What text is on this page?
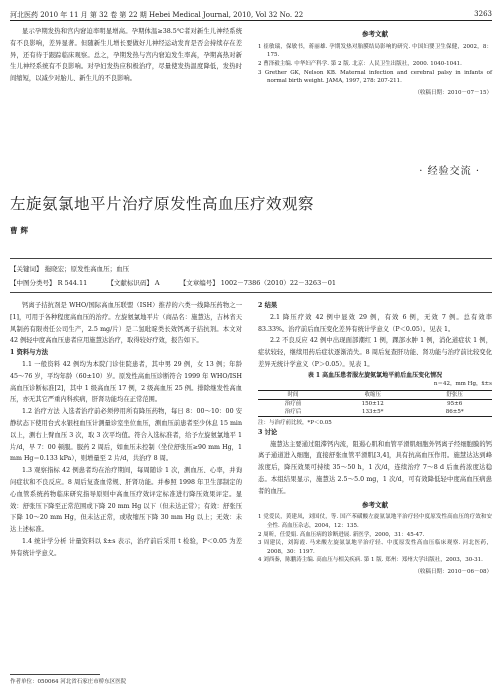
河北医药 2010 年 11 月 第 32 卷 第 22 期 Hebei Medical Journal, 2010, Vol 32 No. 22	3263

显示孕期发热和宫内窘迫率明显增高。孕期体温≥38.5℃者对新生儿神经系统有不良影响，差异显著。但随新生儿增长要做好儿神经运动发育是否会持续存在差异，还有待于跟踪临床观察。总之，孕期发热与宫内窘迫发生率高，孕期高热对新生儿神经系统有不良影响。对孕妇发热应积极治疗，尽量使发热温度降低，发热时间缩短，以减少对胎儿、新生儿的不良影响。

参考文献
1 崔敏瑞，保敏书，蒋丽雄. 孕期发热对胎膜结局影响的研究. 中国妇婴卫生保健，2002，8：175.
2 曹泽毅主编. 中华妇产科学. 第 2 版. 北京：人民卫生出版社，2000. 1040-1041.
3 Grether GK, Nelson KB. Maternal infection and cerebral palsy in infants of normal birth weight. JAMA, 1997, 278: 207-211.
（收稿日期：2010－07－15）
· 经验交流 ·
左旋氨氯地平片治疗原发性高血压疗效观察
曹辉
【关键词】 拖晓宏；原发性高血压；血压
【中图分类号】 R 544.11	【文献标识码】 A	【文章编号】 1002－7386（2010）22－3263－01

钙离子拮抗剂是 WHO/国际高血压联盟（ISH）推荐的六类一线降压药物之一[1]，可用于各种程度高血压的治疗。左旋氨氯地平片（商品名：施慧达，吉林省天风制药有限责任公司生产，2.5 mg/片）是二氢吡啶类长效钙离子拮抗剂。本文对 42 例轻中度高血压患者应用施慧达治疗，取得较好疗效，报告如下。

1 资料与方法

1.1 一般资料 42 例均为本院门诊住院患者，其中男 29 例，女 13 例；年龄 45～76 岁，平均年龄（60±10）岁。原发性高血压诊断符合 1999 年 WHO/ISH 高血压诊断标准[2]，其中 1 级高血压 17 例，2 级高血压 25 例。排除继发性高血压，亦无其它严重内科疾病，肝肾功能均在正常范围。

1.2 治疗方法 入选者治疗前必须停用所有降压药物，每日 8：00～10：00 安静状态下使用台式水银柱血压计测量诊室坐位血压，测血压前患者至少休息 15 min 以上，测右上臂血压 3 次，取 3 次平均值。符合入选标准者，给予左旋氨氯地平 1 片/d，早 7：00 顿服。服药 2 周后，如血压未控制（坐位舒张压≥90 mm Hg，1 mm Hg＝0.133 kPa），则增量至 2 片/d，共治疗 8 周。

1.3 观察指标 42 例患者均在治疗期间，每周随诊 1 次，测血压、心率，并询问症状和不良反应。8 周后复查血常规、肝肾功能。并参照 1998 年卫生部制定的心血管系统药物临床研究指导原则中高血压疗效评定标准进行降压效果评定。显效：舒张压下降至正常范围或下降 20 mm Hg 以下（但未达正常）；有效：舒张压下降 10～20 mm Hg，但未达正常，或收缩压下降 30 mm Hg 以上；无效：未达上述标准。

1.4 统计学分析 计量资料以 x̄±s 表示，治疗前后采用 t 检验，P＜0.05 为差异有统计学意义。

2 结果

2.1 降压疗效 42 例中显效 29 例，有效 6 例，无效 7 例。总有效率 83.33%。治疗前后血压变化差异有统计学意义（P＜0.05）。见表 1。

2.2 不良反应 42 例中出现面部潮红 1 例，踝部水肿 1 例，消化道症状 1 例，症状较轻，继续用药后症状逐渐消失。8 周后复查肝功能、肾功能与治疗前比较变化差异无统计学意义（P＞0.05）。见表 1。

表 1 高血压患者服左旋氨氯地平前后血压变化情况
n＝42，mm Hg，x̄±s
时间	收缩压	舒张压
治疗前	150±12	95±6
治疗后	133±5*	86±5*
注：与治疗前比较，*P＜0.05
3 讨论

施慧达主要通过阻滞钙内流，阻遏心肌和血管平滑肌细胞外钙离子经细胞膜的钙离子通道进入细胞，直接舒张血管平滑肌[3,4]，具有抗高血压作用。施慧达达到峰浓度后，降压效果可持续 35～50 h，1 次/d，连续治疗 7～8 d 后血药浓度达稳态。本组结果显示，施慧达 2.5～5.0 mg，1 次/d，可有效降低轻中度高血压病患者的血压。

参考文献
1 党爱民，黄建凤，刘国仗，等. 国产苯磺酸左旋氨氯地平治疗轻中度原发性高血压的疗效和安全性. 高血压杂志，2004，12：135.
2 周昕，任爱娟. 高血压病的诊断进展. 新医学，2000，31：45-47.
3 周建民，刘海霞. 马来酸左旋氨氯地平治疗轻、中度原发性高血压临床观察. 河北医药，2008，30：1197.
4 刘西秦，陈鹏涛主编. 高血压与相关疾病. 第 1 版. 郑州：郑州大学出版社，2003，30-31.
（收稿日期：2010－06－08）
作者单位：050064 河北省石家庄市桥东区医院
